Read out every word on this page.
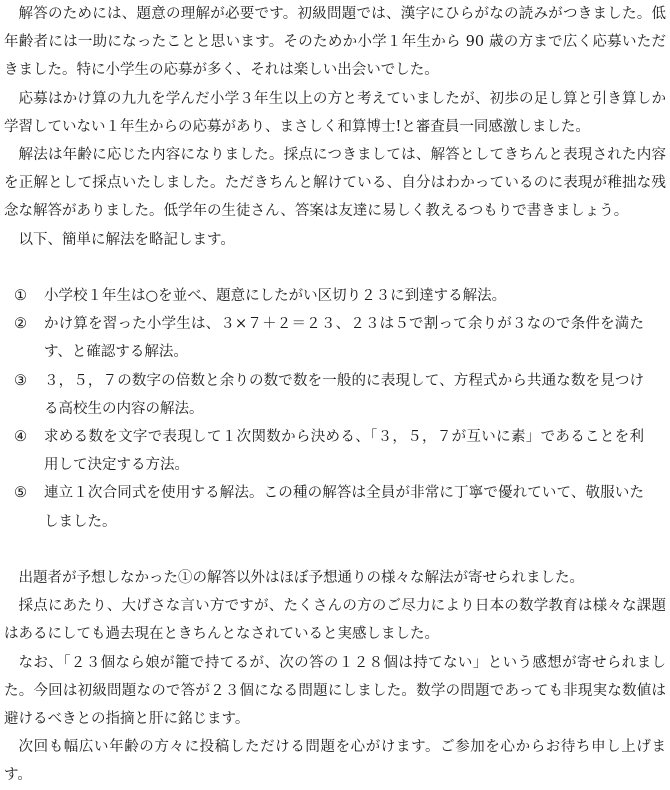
解答のためには、題意の理解が必要です。初級問題では、漢字にひらがなの読みがつきました。低年齢者には一助になったことと思います。そのためか小学１年生から 90 歳の方まで広く応募いただきました。特に小学生の応募が多く、それは楽しい出会いでした。

応募はかけ算の九九を学んだ小学３年生以上の方と考えていましたが、初歩の足し算と引き算しか学習していない１年生からの応募があり、まさしく和算博士!と審査員一同感激しました。

解法は年齢に応じた内容になりました。採点につきましては、解答としてきちんと表現された内容を正解として採点いたしました。ただきちんと解けている、自分はわかっているのに表現が稚拙な残念な解答がありました。低学年の生徒さん、答案は友達に易しく教えるつもりで書きましょう。

以下、簡単に解法を略記します。

①	小学校１年生は○を並べ、題意にしたがい区切り２３に到達する解法。
②	かけ算を習った小学生は、３×７＋２＝２３、２３は５で割って余りが３なので条件を満たす、と確認する解法。
③	３，５，７の数字の倍数と余りの数で数を一般的に表現して、方程式から共通な数を見つける高校生の内容の解法。
④	求める数を文字で表現して１次関数から決める、「３，５，７が互いに素」であることを利用して決定する方法。
⑤	連立１次合同式を使用する解法。この種の解答は全員が非常に丁寧で優れていて、敬服いたしました。

出題者が予想しなかった①の解答以外はほぼ予想通りの様々な解法が寄せられました。

採点にあたり、大げさな言い方ですが、たくさんの方のご尽力により日本の数学教育は様々な課題はあるにしても過去現在ときちんとなされていると実感しました。

なお、「２３個なら娘が籠で持てるが、次の答の１２８個は持てない」という感想が寄せられました。今回は初級問題なので答が２３個になる問題にしました。数学の問題であっても非現実な数値は避けるべきとの指摘と肝に銘じます。

次回も幅広い年齢の方々に投稿しただける問題を心がけます。ご参加を心からお待ち申し上げます。
